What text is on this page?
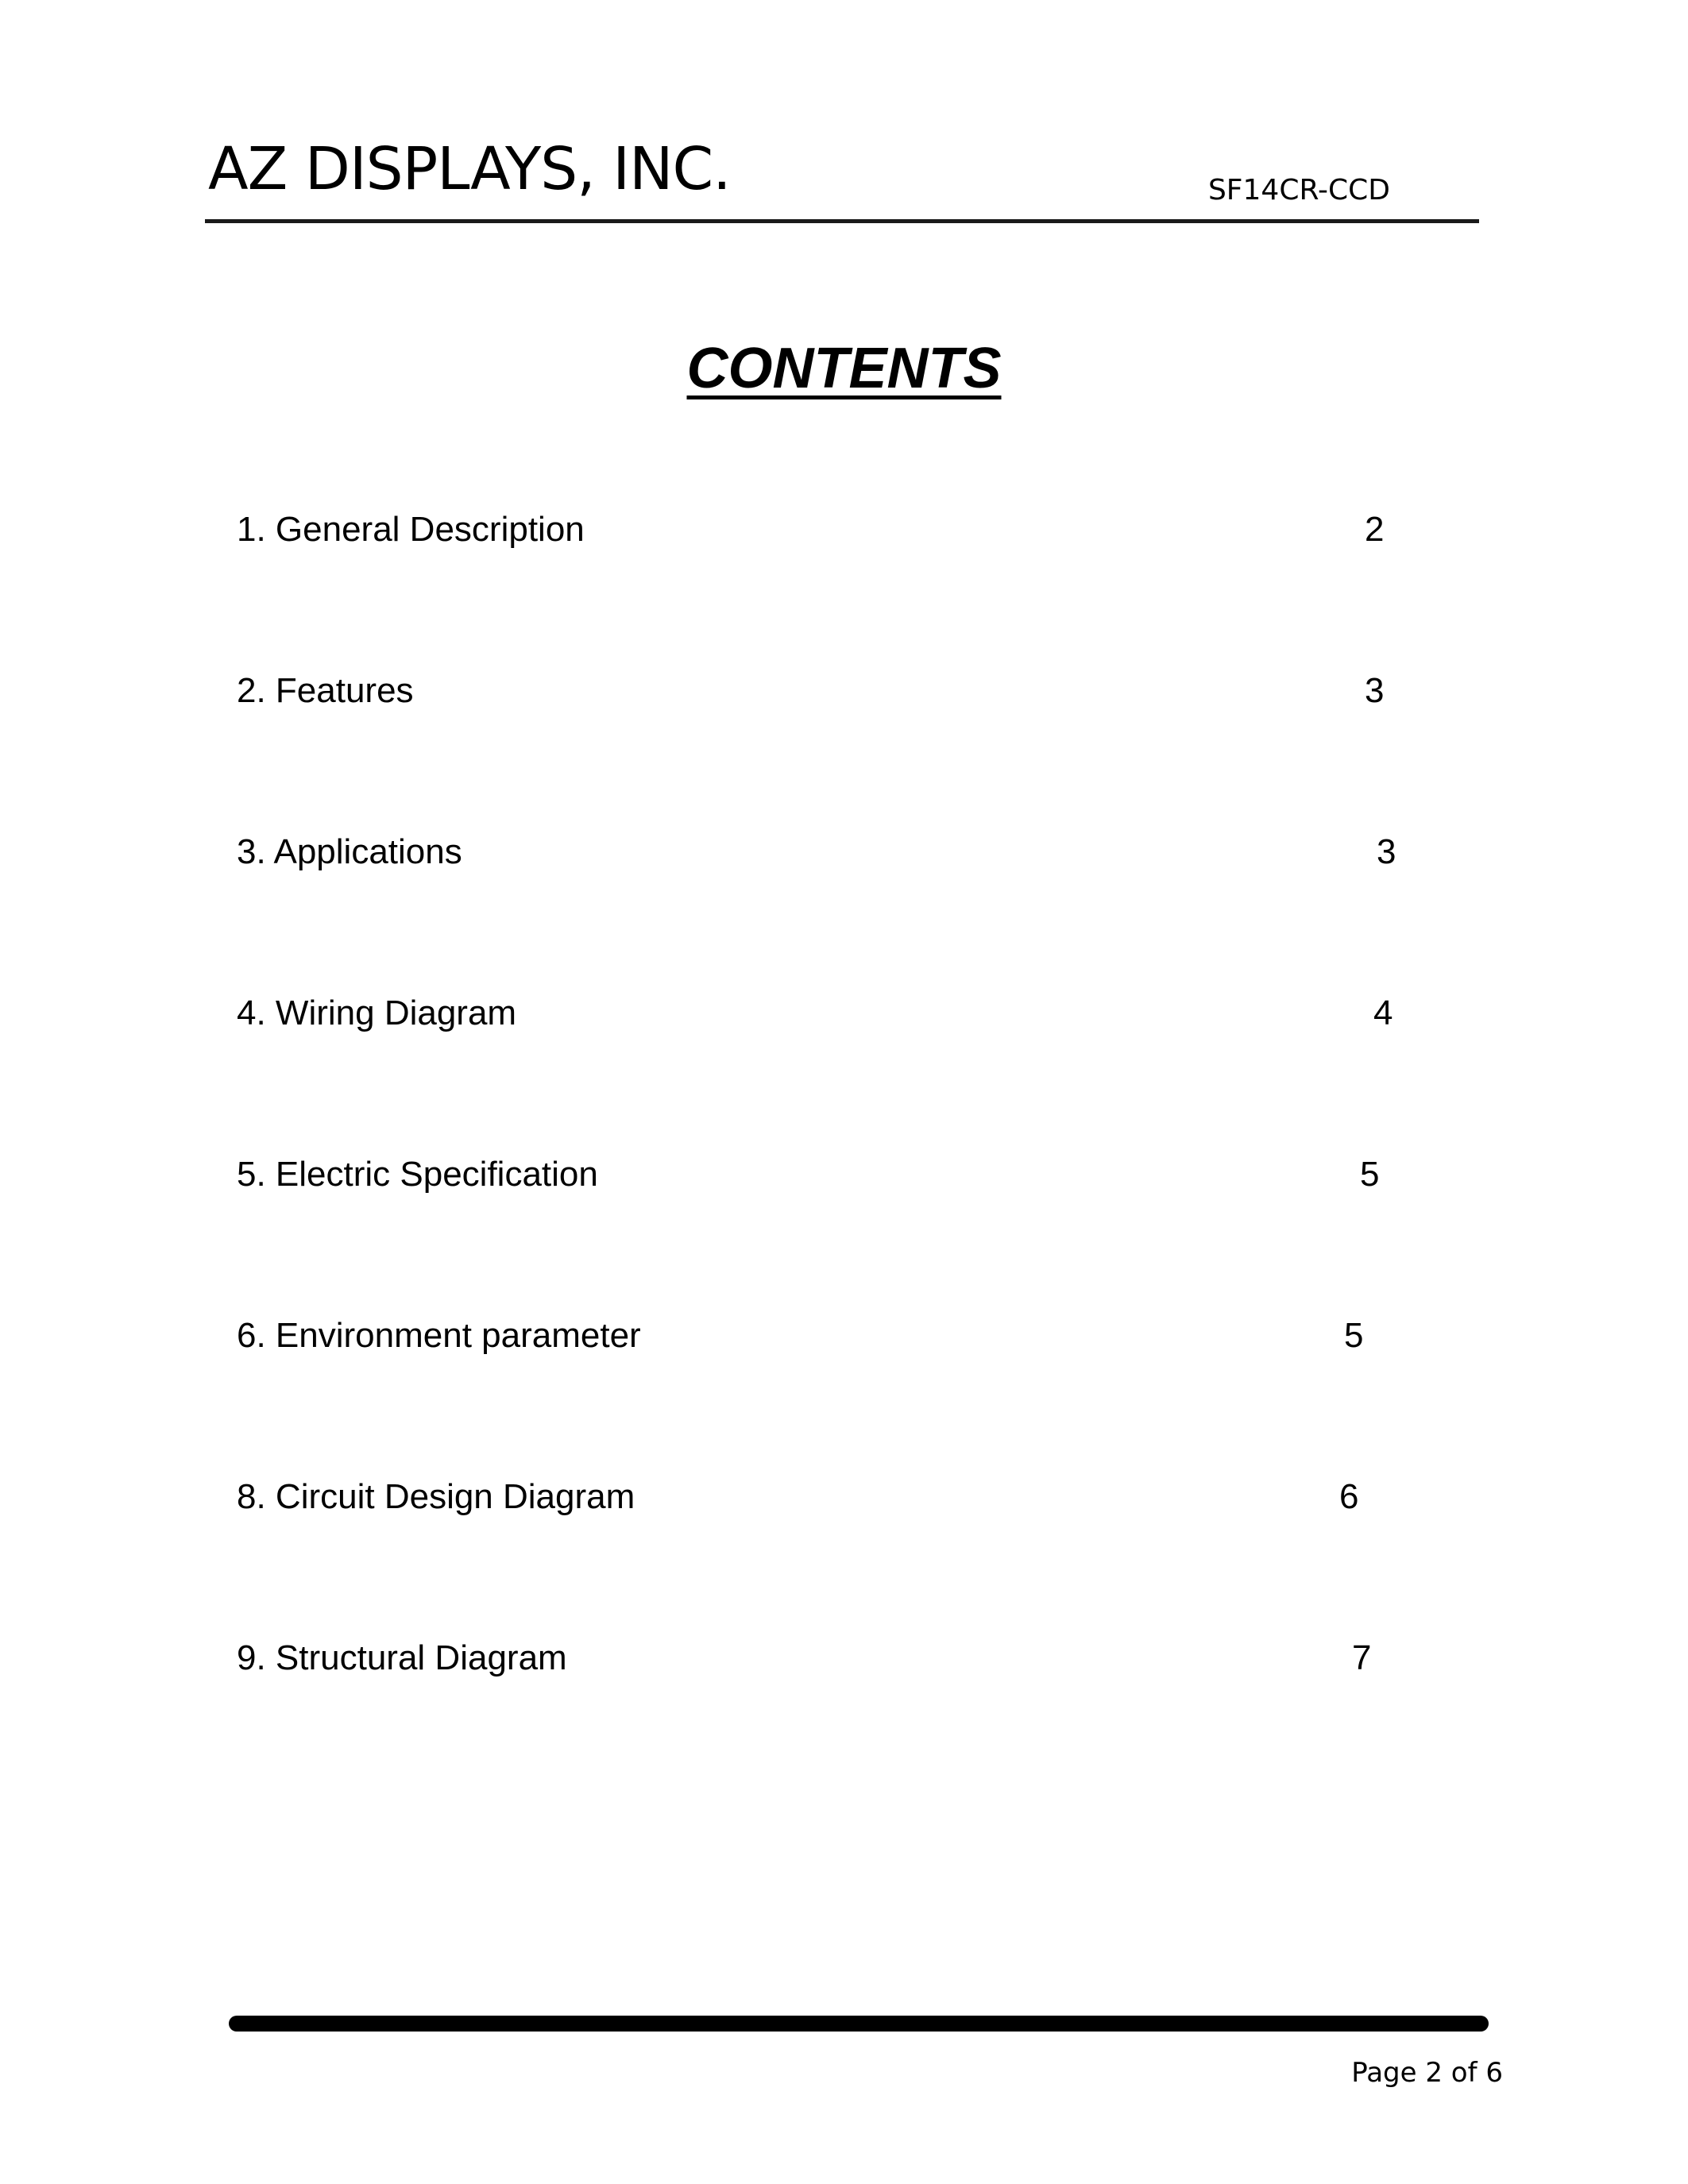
AZ DISPLAYS, INC.	SF14CR-CCD
CONTENTS
1. General Description	2
2. Features	3
3. Applications	3
4. Wiring Diagram	4
5. Electric Specification	5
6. Environment parameter	5
8. Circuit Design Diagram	6
9. Structural Diagram	7
Page 2 of 6
